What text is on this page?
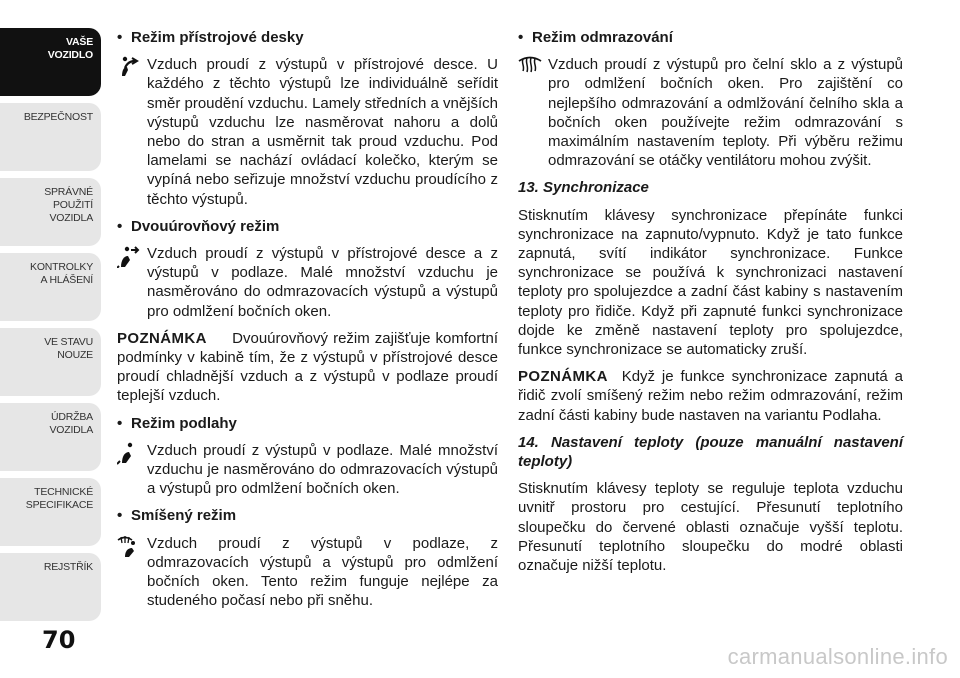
VAŠE
VOZIDLO
BEZPEČNOST
SPRÁVNÉ
POUŽITÍ
VOZIDLA
KONTROLKY
A HLÁŠENÍ
VE STAVU
NOUZE
ÚDRŽBA
VOZIDLA
TECHNICKÉ
SPECIFIKACE
REJSTŘÍK
70

• Režim přístrojové desky

Vzduch proudí z výstupů v přístrojové desce. U každého z těchto výstupů lze individuálně seřídit směr proudění vzduchu. Lamely středních a vnějších výstupů vzduchu lze nasměrovat nahoru a dolů nebo do stran a usměrnit tak proud vzduchu. Pod lamelami se nachází ovládací kolečko, kterým se vypíná nebo seřizuje množství vzduchu proudícího z těchto výstupů.

• Dvouúrovňový režim

Vzduch proudí z výstupů v přístrojové desce a z výstupů v podlaze. Malé množství vzduchu je nasměrováno do odmrazovacích výstupů a výstupů pro odmlžení bočních oken.

POZNÁMKA Dvouúrovňový režim zajišťuje komfortní podmínky v kabině tím, že z výstupů v přístrojové desce proudí chladnější vzduch a z výstupů v podlaze proudí teplejší vzduch.

• Režim podlahy

Vzduch proudí z výstupů v podlaze. Malé množství vzduchu je nasměrováno do odmrazovacích výstupů a výstupů pro odmlžení bočních oken.

• Smíšený režim

Vzduch proudí z výstupů v podlaze, z odmrazovacích výstupů a výstupů pro odmlžení bočních oken. Tento režim funguje nejlépe za studeného počasí nebo při sněhu.

• Režim odmrazování

Vzduch proudí z výstupů pro čelní sklo a z výstupů pro odmlžení bočních oken. Pro zajištění co nejlepšího odmrazování a odmlžování čelního skla a bočních oken používejte režim odmrazování s maximálním nastavením teploty. Při výběru režimu odmrazování se otáčky ventilátoru mohou zvýšit.

13. Synchronizace

Stisknutím klávesy synchronizace přepínáte funkci synchronizace na zapnuto/vypnuto. Když je tato funkce zapnutá, svítí indikátor synchronizace. Funkce synchronizace se používá k synchronizaci nastavení teploty pro spolujezdce a zadní část kabiny s nastavením teploty pro řidiče. Když při zapnuté funkci synchronizace dojde ke změně nastavení teploty pro spolujezdce, funkce synchronizace se automaticky zruší.

POZNÁMKA Když je funkce synchronizace zapnutá a řidič zvolí smíšený režim nebo režim odmrazování, režim zadní části kabiny bude nastaven na variantu Podlaha.

14. Nastavení teploty (pouze manuální nastavení teploty)

Stisknutím klávesy teploty se reguluje teplota vzduchu uvnitř prostoru pro cestující. Přesunutí teplotního sloupečku do červené oblasti označuje vyšší teplotu. Přesunutí teplotního sloupečku do modré oblasti označuje nižší teplotu.

carmanualsonline.info
